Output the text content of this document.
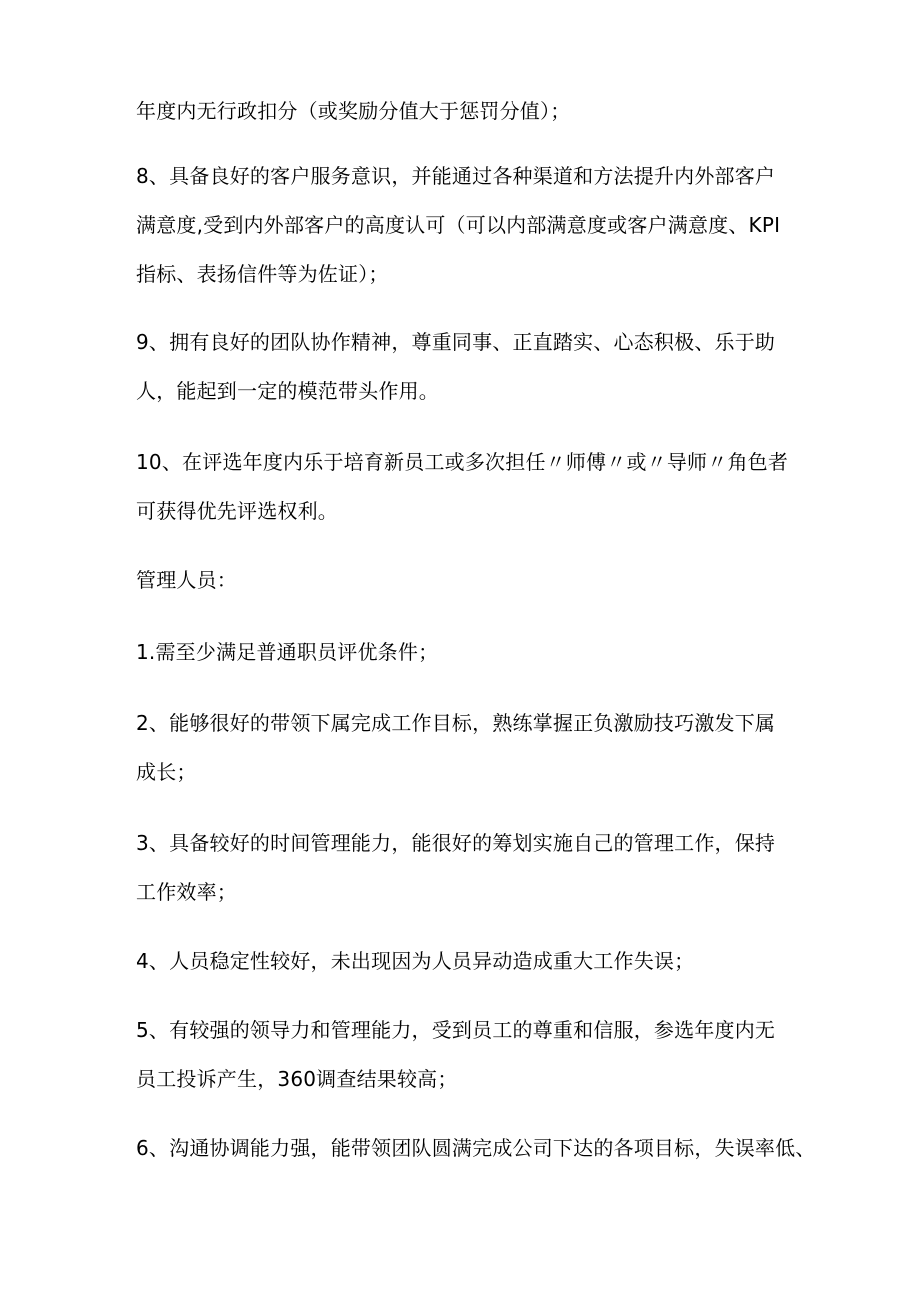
年度内无行政扣分（或奖励分值大于惩罚分值）；
8、具备良好的客户服务意识，并能通过各种渠道和方法提升内外部客户
满意度,受到内外部客户的高度认可（可以内部满意度或客户满意度、KPI
指标、表扬信件等为佐证）；
9、拥有良好的团队协作精神，尊重同事、正直踏实、心态积极、乐于助
人，能起到一定的模范带头作用。
10、在评选年度内乐于培育新员工或多次担任〃师傅〃或〃导师〃角色者
可获得优先评选权利。
管理人员：
1.需至少满足普通职员评优条件；
2、能够很好的带领下属完成工作目标，熟练掌握正负激励技巧激发下属
成长；
3、具备较好的时间管理能力，能很好的筹划实施自己的管理工作，保持
工作效率；
4、人员稳定性较好，未出现因为人员异动造成重大工作失误；
5、有较强的领导力和管理能力，受到员工的尊重和信服，参选年度内无
员工投诉产生，360调查结果较高；
6、沟通协调能力强，能带领团队圆满完成公司下达的各项目标，失误率低、
